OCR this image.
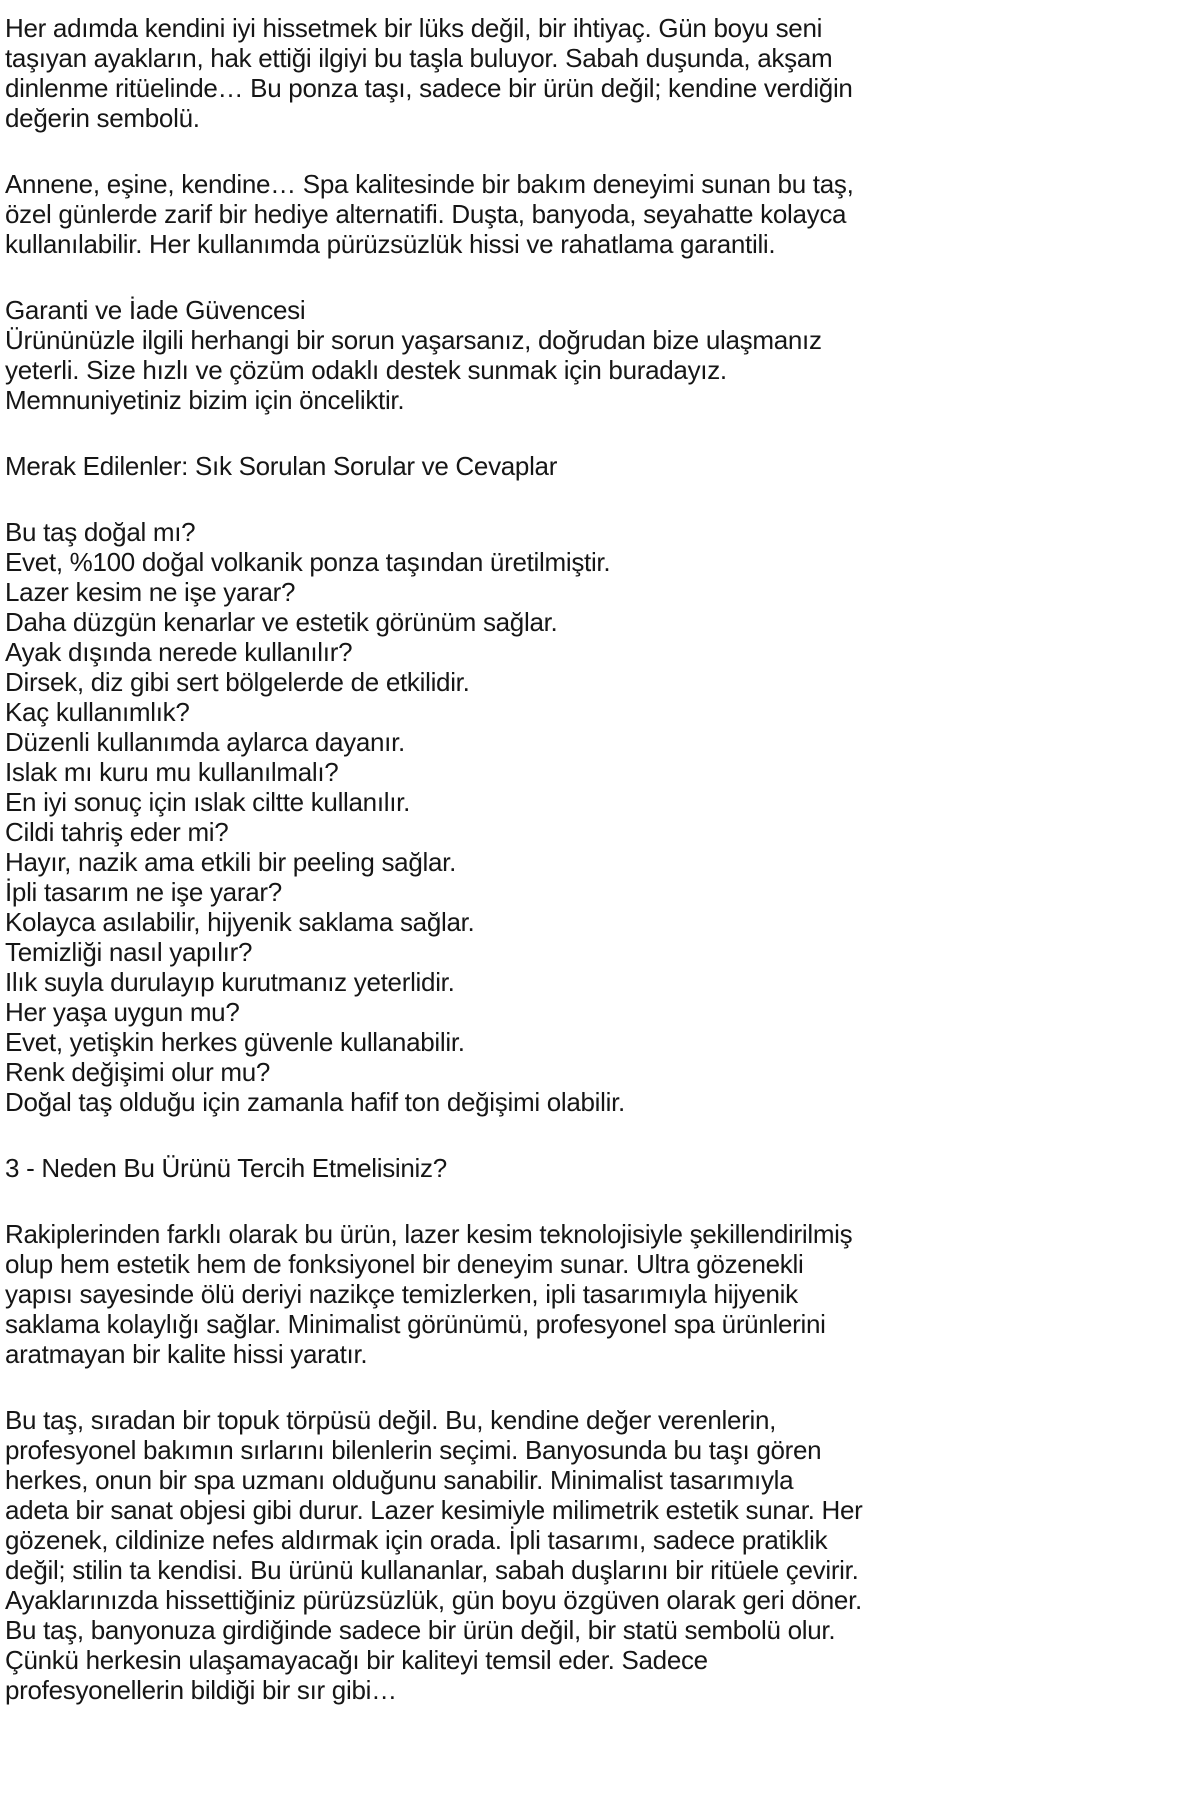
Her adımda kendini iyi hissetmek bir lüks değil, bir ihtiyaç. Gün boyu seni
taşıyan ayakların, hak ettiği ilgiyi bu taşla buluyor. Sabah duşunda, akşam
dinlenme ritüelinde… Bu ponza taşı, sadece bir ürün değil; kendine verdiğin
değerin sembolü.
Annene, eşine, kendine… Spa kalitesinde bir bakım deneyimi sunan bu taş,
özel günlerde zarif bir hediye alternatifi. Duşta, banyoda, seyahatte kolayca
kullanılabilir. Her kullanımda pürüzsüzlük hissi ve rahatlama garantili.
Garanti ve İade Güvencesi
Ürününüzle ilgili herhangi bir sorun yaşarsanız, doğrudan bize ulaşmanız
yeterli. Size hızlı ve çözüm odaklı destek sunmak için buradayız.
Memnuniyetiniz bizim için önceliktir.
Merak Edilenler: Sık Sorulan Sorular ve Cevaplar
Bu taş doğal mı?
Evet, %100 doğal volkanik ponza taşından üretilmiştir.
Lazer kesim ne işe yarar?
Daha düzgün kenarlar ve estetik görünüm sağlar.
Ayak dışında nerede kullanılır?
Dirsek, diz gibi sert bölgelerde de etkilidir.
Kaç kullanımlık?
Düzenli kullanımda aylarca dayanır.
Islak mı kuru mu kullanılmalı?
En iyi sonuç için ıslak ciltte kullanılır.
Cildi tahriş eder mi?
Hayır, nazik ama etkili bir peeling sağlar.
İpli tasarım ne işe yarar?
Kolayca asılabilir, hijyenik saklama sağlar.
Temizliği nasıl yapılır?
Ilık suyla durulayıp kurutmanız yeterlidir.
Her yaşa uygun mu?
Evet, yetişkin herkes güvenle kullanabilir.
Renk değişimi olur mu?
Doğal taş olduğu için zamanla hafif ton değişimi olabilir.
3 - Neden Bu Ürünü Tercih Etmelisiniz?
Rakiplerinden farklı olarak bu ürün, lazer kesim teknolojisiyle şekillendirilmiş
olup hem estetik hem de fonksiyonel bir deneyim sunar. Ultra gözenekli
yapısı sayesinde ölü deriyi nazikçe temizlerken, ipli tasarımıyla hijyenik
saklama kolaylığı sağlar. Minimalist görünümü, profesyonel spa ürünlerini
aratmayan bir kalite hissi yaratır.
Bu taş, sıradan bir topuk törpüsü değil. Bu, kendine değer verenlerin,
profesyonel bakımın sırlarını bilenlerin seçimi. Banyosunda bu taşı gören
herkes, onun bir spa uzmanı olduğunu sanabilir. Minimalist tasarımıyla
adeta bir sanat objesi gibi durur. Lazer kesimiyle milimetrik estetik sunar. Her
gözenek, cildinize nefes aldırmak için orada. İpli tasarımı, sadece pratiklik
değil; stilin ta kendisi. Bu ürünü kullananlar, sabah duşlarını bir ritüele çevirir.
Ayaklarınızda hissettiğiniz pürüzsüzlük, gün boyu özgüven olarak geri döner.
Bu taş, banyonuza girdiğinde sadece bir ürün değil, bir statü sembolü olur.
Çünkü herkesin ulaşamayacağı bir kaliteyi temsil eder. Sadece
profesyonellerin bildiği bir sır gibi…
